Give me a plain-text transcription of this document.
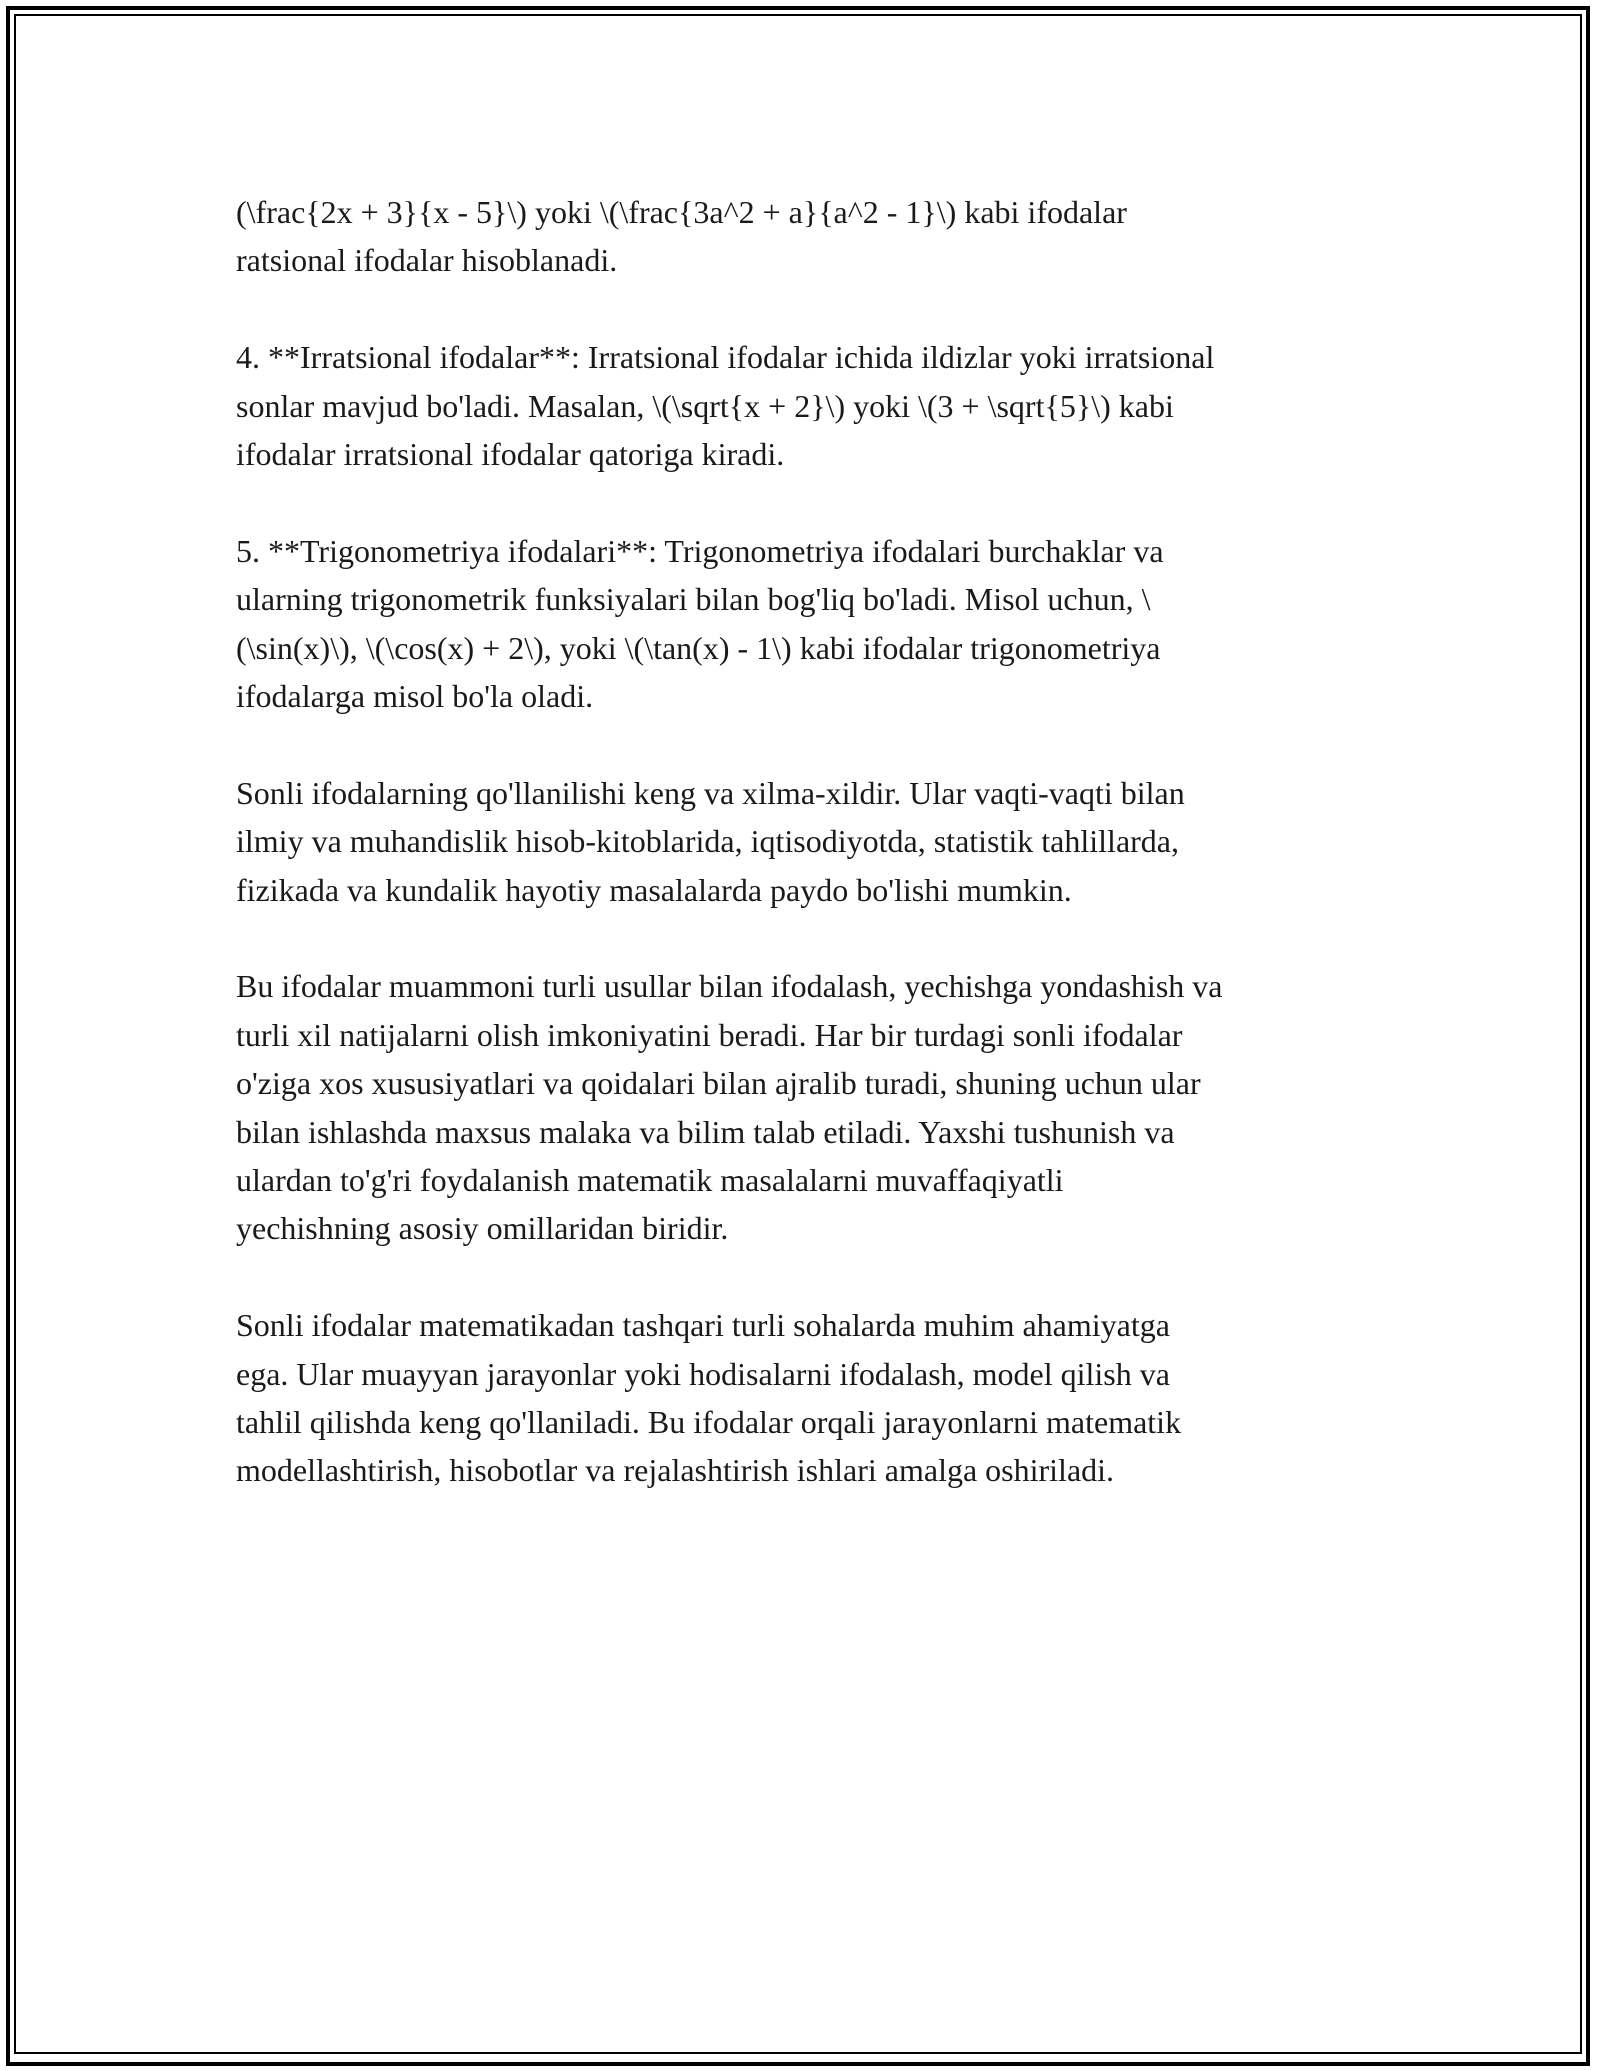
(\frac{2x + 3}{x - 5}\) yoki \(\frac{3a^2 + a}{a^2 - 1}\) kabi ifodalar
ratsional ifodalar hisoblanadi.

4. **Irratsional ifodalar**: Irratsional ifodalar ichida ildizlar yoki irratsional
sonlar mavjud bo'ladi. Masalan, \(\sqrt{x + 2}\) yoki \(3 + \sqrt{5}\) kabi
ifodalar irratsional ifodalar qatoriga kiradi.

5. **Trigonometriya ifodalari**: Trigonometriya ifodalari burchaklar va
ularning trigonometrik funksiyalari bilan bog'liq bo'ladi. Misol uchun, \
(\sin(x)\), \(\cos(x) + 2\), yoki \(\tan(x) - 1\) kabi ifodalar trigonometriya
ifodalarga misol bo'la oladi.

Sonli ifodalarning qo'llanilishi keng va xilma-xildir. Ular vaqti-vaqti bilan
ilmiy va muhandislik hisob-kitoblarida, iqtisodiyotda, statistik tahlillarda,
fizikada va kundalik hayotiy masalalarda paydo bo'lishi mumkin.

Bu ifodalar muammoni turli usullar bilan ifodalash, yechishga yondashish va
turli xil natijalarni olish imkoniyatini beradi. Har bir turdagi sonli ifodalar
o'ziga xos xususiyatlari va qoidalari bilan ajralib turadi, shuning uchun ular
bilan ishlashda maxsus malaka va bilim talab etiladi. Yaxshi tushunish va
ulardan to'g'ri foydalanish matematik masalalarni muvaffaqiyatli
yechishning asosiy omillaridan biridir.

Sonli ifodalar matematikadan tashqari turli sohalarda muhim ahamiyatga
ega. Ular muayyan jarayonlar yoki hodisalarni ifodalash, model qilish va
tahlil qilishda keng qo'llaniladi. Bu ifodalar orqali jarayonlarni matematik
modellashtirish, hisobotlar va rejalashtirish ishlari amalga oshiriladi.
